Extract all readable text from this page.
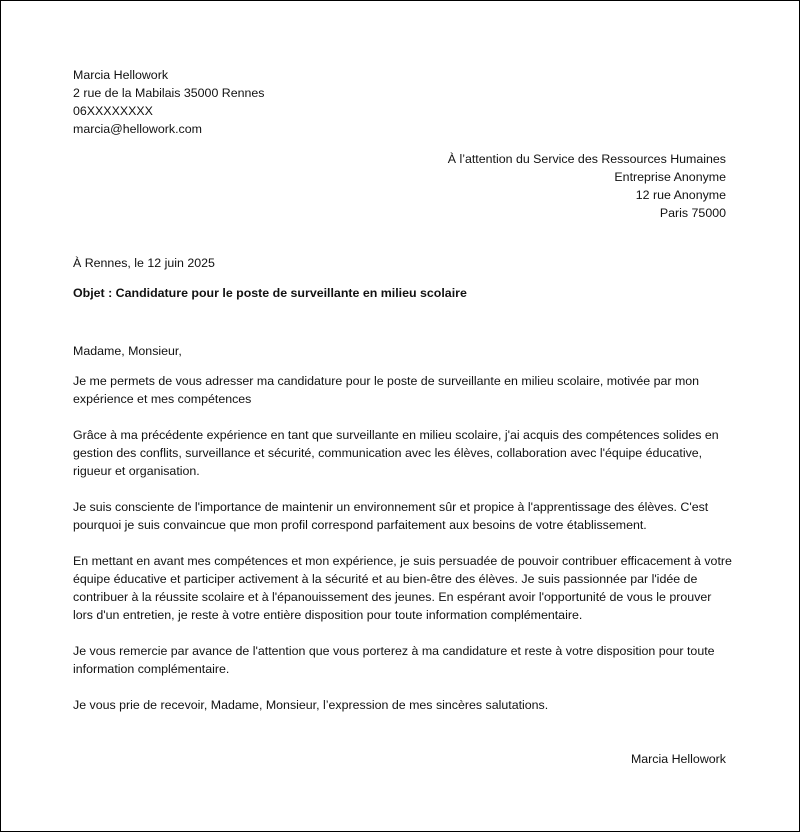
Marcia Hellowork
2 rue de la Mabilais 35000 Rennes
06XXXXXXXX
marcia@hellowork.com
À l’attention du Service des Ressources Humaines
Entreprise Anonyme
12 rue Anonyme
Paris 75000
À Rennes, le 12 juin 2025
Objet : Candidature pour le poste de surveillante en milieu scolaire
Madame, Monsieur,

Je me permets de vous adresser ma candidature pour le poste de surveillante en milieu scolaire, motivée par mon expérience et mes compétences

Grâce à ma précédente expérience en tant que surveillante en milieu scolaire, j'ai acquis des compétences solides en gestion des conflits, surveillance et sécurité, communication avec les élèves, collaboration avec l'équipe éducative, rigueur et organisation.

Je suis consciente de l'importance de maintenir un environnement sûr et propice à l'apprentissage des élèves. C'est pourquoi je suis convaincue que mon profil correspond parfaitement aux besoins de votre établissement.

En mettant en avant mes compétences et mon expérience, je suis persuadée de pouvoir contribuer efficacement à votre équipe éducative et participer activement à la sécurité et au bien-être des élèves. Je suis passionnée par l'idée de contribuer à la réussite scolaire et à l'épanouissement des jeunes. En espérant avoir l'opportunité de vous le prouver lors d'un entretien, je reste à votre entière disposition pour toute information complémentaire.

Je vous remercie par avance de l'attention que vous porterez à ma candidature et reste à votre disposition pour toute information complémentaire.

Je vous prie de recevoir, Madame, Monsieur, l’expression de mes sincères salutations.

Marcia Hellowork
